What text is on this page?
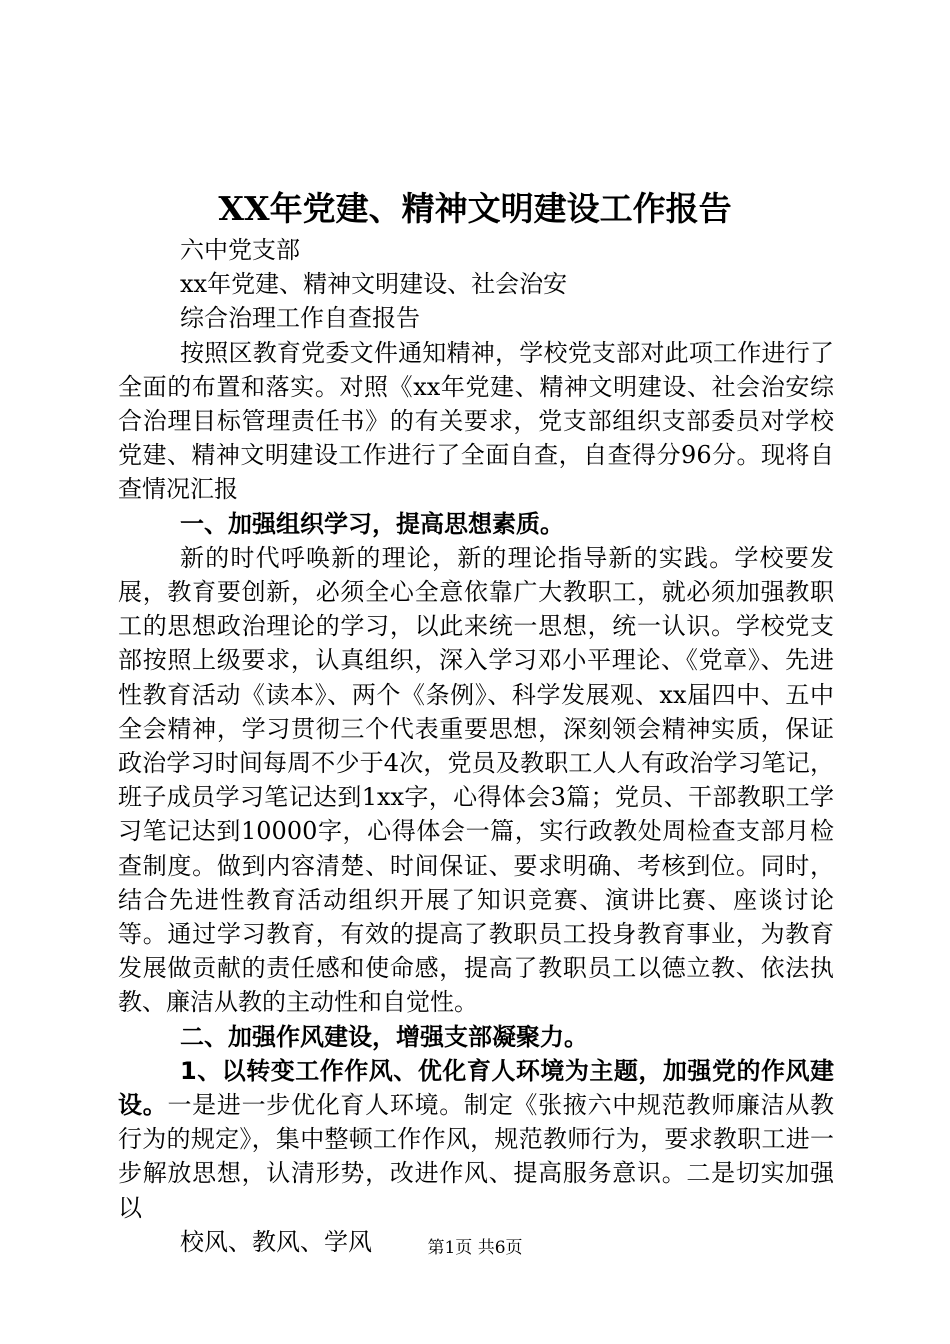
XX年党建、精神文明建设工作报告

六中党支部

xx年党建、精神文明建设、社会治安

综合治理工作自查报告

按照区教育党委文件通知精神，学校党支部对此项工作进行了全面的布置和落实。对照《xx年党建、精神文明建设、社会治安综合治理目标管理责任书》的有关要求，党支部组织支部委员对学校党建、精神文明建设工作进行了全面自查，自查得分96分。现将自查情况汇报

一、加强组织学习，提高思想素质。

新的时代呼唤新的理论，新的理论指导新的实践。学校要发展，教育要创新，必须全心全意依靠广大教职工，就必须加强教职工的思想政治理论的学习，以此来统一思想，统一认识。学校党支部按照上级要求，认真组织，深入学习邓小平理论、《党章》、先进性教育活动《读本》、两个《条例》、科学发展观、xx届四中、五中全会精神，学习贯彻三个代表重要思想，深刻领会精神实质，保证政治学习时间每周不少于4次，党员及教职工人人有政治学习笔记，班子成员学习笔记达到1xx字，心得体会3篇；党员、干部教职工学习笔记达到10000字，心得体会一篇，实行政教处周检查支部月检查制度。做到内容清楚、时间保证、要求明确、考核到位。同时，结合先进性教育活动组织开展了知识竞赛、演讲比赛、座谈讨论等。通过学习教育，有效的提高了教职员工投身教育事业，为教育发展做贡献的责任感和使命感，提高了教职员工以德立教、依法执教、廉洁从教的主动性和自觉性。

二、加强作风建设，增强支部凝聚力。

1、以转变工作作风、优化育人环境为主题，加强党的作风建设。一是进一步优化育人环境。制定《张掖六中规范教师廉洁从教行为的规定》，集中整顿工作作风，规范教师行为，要求教职工进一步解放思想，认清形势，改进作风、提高服务意识。二是切实加强以

校风、教风、学风	第1页 共6页
